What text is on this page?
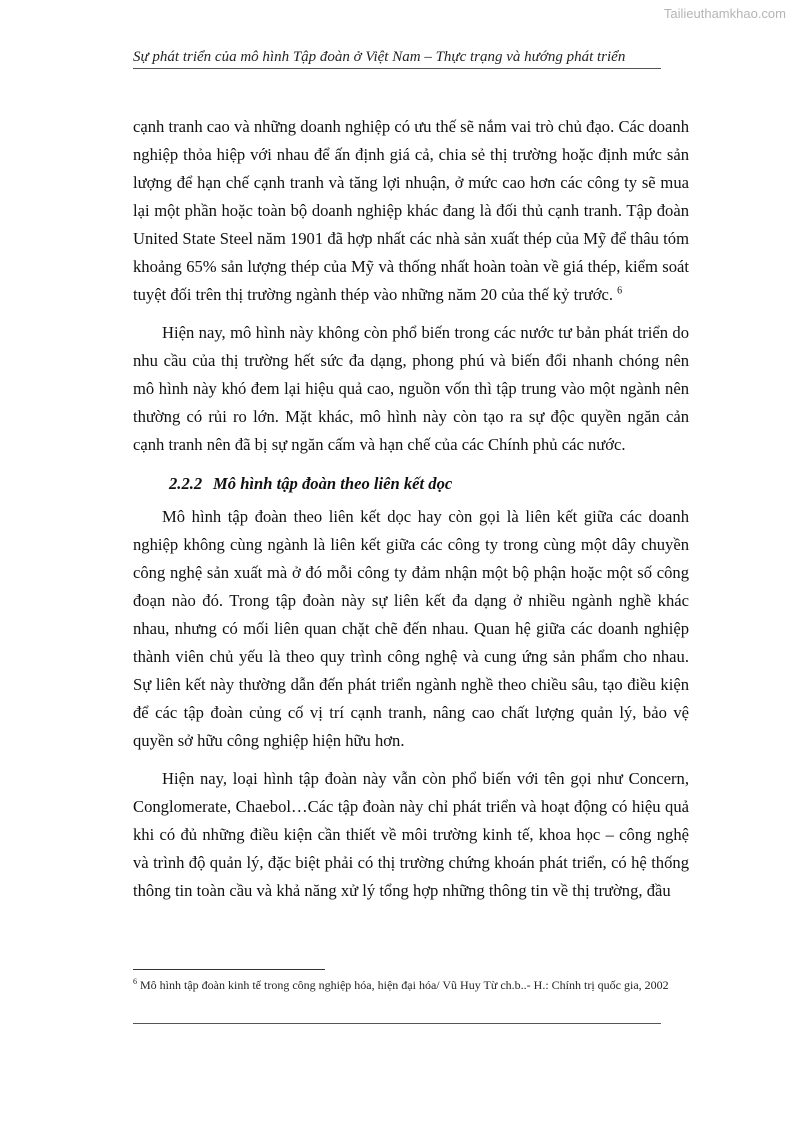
Tailieuthamkhao.com
Sự phát triển của mô hình Tập đoàn ở Việt Nam – Thực trạng và hướng phát triển

cạnh tranh cao và những doanh nghiệp có ưu thế sẽ nắm vai trò chủ đạo. Các doanh nghiệp thỏa hiệp với nhau để ấn định giá cả, chia sẻ thị trường hoặc định mức sản lượng để hạn chế cạnh tranh và tăng lợi nhuận, ở mức cao hơn các công ty sẽ mua lại một phần hoặc toàn bộ doanh nghiệp khác đang là đối thủ cạnh tranh. Tập đoàn United State Steel năm 1901 đã hợp nhất các nhà sản xuất thép của Mỹ để thâu tóm khoảng 65% sản lượng thép của Mỹ và thống nhất hoàn toàn về giá thép, kiểm soát tuyệt đối trên thị trường ngành thép vào những năm 20 của thế kỷ trước. $^6$

Hiện nay, mô hình này không còn phổ biến trong các nước tư bản phát triển do nhu cầu của thị trường hết sức đa dạng, phong phú và biến đổi nhanh chóng nên mô hình này khó đem lại hiệu quả cao, nguồn vốn thì tập trung vào một ngành nên thường có rủi ro lớn. Mặt khác, mô hình này còn tạo ra sự độc quyền ngăn cản cạnh tranh nên đã bị sự ngăn cấm và hạn chế của các Chính phủ các nước.

2.2.2 Mô hình tập đoàn theo liên kết dọc

Mô hình tập đoàn theo liên kết dọc hay còn gọi là liên kết giữa các doanh nghiệp không cùng ngành là liên kết giữa các công ty trong cùng một dây chuyền công nghệ sản xuất mà ở đó mỗi công ty đảm nhận một bộ phận hoặc một số công đoạn nào đó. Trong tập đoàn này sự liên kết đa dạng ở nhiều ngành nghề khác nhau, nhưng có mối liên quan chặt chẽ đến nhau. Quan hệ giữa các doanh nghiệp thành viên chủ yếu là theo quy trình công nghệ và cung ứng sản phẩm cho nhau. Sự liên kết này thường dẫn đến phát triển ngành nghề theo chiều sâu, tạo điều kiện để các tập đoàn củng cố vị trí cạnh tranh, nâng cao chất lượng quản lý, bảo vệ quyền sở hữu công nghiệp hiện hữu hơn.

Hiện nay, loại hình tập đoàn này vẫn còn phổ biến với tên gọi như Concern, Conglomerate, Chaebol…Các tập đoàn này chỉ phát triển và hoạt động có hiệu quả khi có đủ những điều kiện cần thiết về môi trường kinh tế, khoa học – công nghệ và trình độ quản lý, đặc biệt phải có thị trường chứng khoán phát triển, có hệ thống thông tin toàn cầu và khả năng xử lý tổng hợp những thông tin về thị trường, đầu

$^6$ Mô hình tập đoàn kinh tế trong công nghiệp hóa, hiện đại hóa/ Vũ Huy Từ ch.b..- H.: Chính trị quốc gia, 2002
